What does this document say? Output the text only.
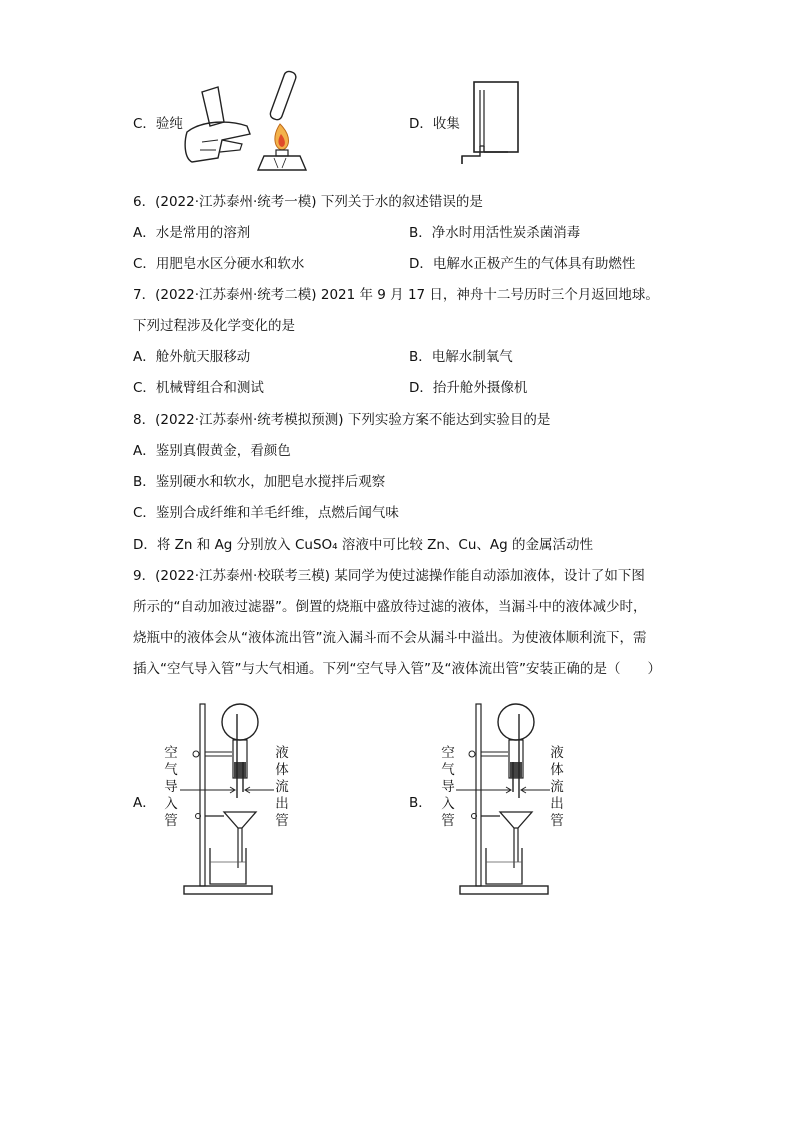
C．验纯	D．收集
6．(2022·江苏泰州·统考一模) 下列关于水的叙述错误的是
A．水是常用的溶剂	B．净水时用活性炭杀菌消毒
C．用肥皂水区分硬水和软水	D．电解水正极产生的气体具有助燃性
7．(2022·江苏泰州·统考二模) 2021 年 9 月 17 日，神舟十二号历时三个月返回地球。
下列过程涉及化学变化的是
A．舱外航天服移动	B．电解水制氧气
C．机械臂组合和测试	D．抬升舱外摄像机
8．(2022·江苏泰州·统考模拟预测) 下列实验方案不能达到实验目的是
A．鉴别真假黄金，看颜色
B．鉴别硬水和软水，加肥皂水搅拌后观察
C．鉴别合成纤维和羊毛纤维，点燃后闻气味
D．将 Zn 和 Ag 分别放入 CuSO₄ 溶液中可比较 Zn、Cu、Ag 的金属活动性
9．(2022·江苏泰州·校联考三模) 某同学为使过滤操作能自动添加液体，设计了如下图
所示的“自动加液过滤器”。倒置的烧瓶中盛放待过滤的液体，当漏斗中的液体减少时，
烧瓶中的液体会从“液体流出管”流入漏斗而不会从漏斗中溢出。为使液体顺利流下，需
插入“空气导入管”与大气相通。下列“空气导入管”及“液体流出管”安装正确的是（　　）
A．
空
气
导
入
管
液
体
流
出
管
B．
空
气
导
入
管
液
体
流
出
管
